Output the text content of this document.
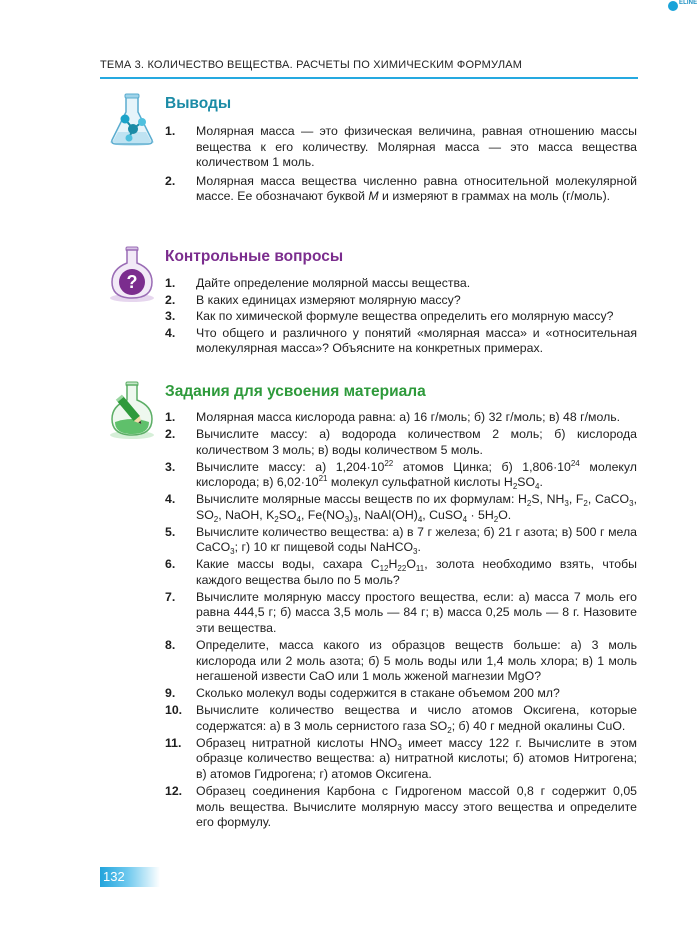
ELINE
ТЕМА 3. КОЛИЧЕСТВО ВЕЩЕСТВА. РАСЧЕТЫ ПО ХИМИЧЕСКИМ ФОРМУЛАМ
Выводы
1. Молярная масса — это физическая величина, равная отношению массы вещества к его количеству. Молярная масса — это масса вещества количеством 1 моль.
2. Молярная масса вещества численно равна относительной молекулярной массе. Ее обозначают буквой M и измеряют в граммах на моль (г/моль).
?
Контрольные вопросы
1. Дайте определение молярной массы вещества.
2. В каких единицах измеряют молярную массу?
3. Как по химической формуле вещества определить его молярную массу?
4. Что общего и различного у понятий «молярная масса» и «относительная молекулярная масса»? Объясните на конкретных примерах.
Задания для усвоения материала
1. Молярная масса кислорода равна: а) 16 г/моль; б) 32 г/моль; в) 48 г/моль.
2. Вычислите массу: а) водорода количеством 2 моль; б) кислорода количеством 3 моль; в) воды количеством 5 моль.
3. Вычислите массу: а) $1,204\cdot 10^{22}$ атомов Цинка; б) $1,806\cdot 10^{24}$ молекул кислорода; в) $6,02\cdot 10^{21}$ молекул сульфатной кислоты $H_2SO_4$.
4. Вычислите молярные массы веществ по их формулам: $H_2S$, $NH_3$, $F_2$, CaCO$_3$, $SO_2$, NaOH, $K_2SO_4$, $Fe(NO_3)_3$, $NaAl(OH)_4$, CuSO$_4$ · $5H_2O$.
5. Вычислите количество вещества: а) в 7 г железа; б) 21 г азота; в) 500 г мела CaCO$_3$; г) 10 кг пищевой соды NaHCO$_3$.
6. Какие массы воды, сахара $C_{12}H_{22}O_{11}$, золота необходимо взять, чтобы каждого вещества было по 5 моль?
7. Вычислите молярную массу простого вещества, если: а) масса 7 моль его равна 444,5 г; б) масса 3,5 моль — 84 г; в) масса 0,25 моль — 8 г. Назовите эти вещества.
8. Определите, масса какого из образцов веществ больше: а) 3 моль кислорода или 2 моль азота; б) 5 моль воды или 1,4 моль хлора; в) 1 моль негашеной извести CaO или 1 моль жженой магнезии MgO?
9. Сколько молекул воды содержится в стакане объемом 200 мл?
10. Вычислите количество вещества и число атомов Оксигена, которые содержатся: а) в 3 моль сернистого газа $SO_2$; б) 40 г медной окалины CuO.
11. Образец нитратной кислоты $HNO_3$ имеет массу 122 г. Вычислите в этом образце количество вещества: а) нитратной кислоты; б) атомов Нитрогена; в) атомов Гидрогена; г) атомов Оксигена.
12. Образец соединения Карбона с Гидрогеном массой 0,8 г содержит 0,05 моль вещества. Вычислите молярную массу этого вещества и определите его формулу.
132
